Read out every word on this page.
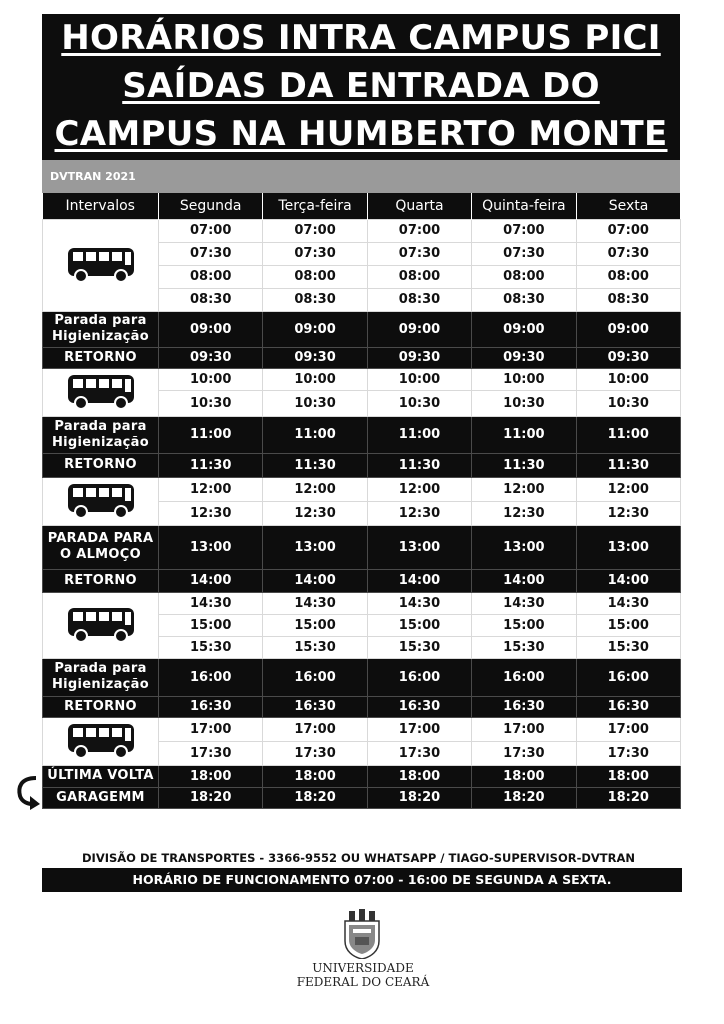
HORÁRIOS INTRA CAMPUS PICI
SAÍDAS DA ENTRADA DO
CAMPUS NA HUMBERTO MONTE
DVTRAN 2021
Intervalos	Segunda	Terça-feira	Quarta	Quinta-feira	Sexta

	07:00	07:00	07:00	07:00	07:00
	07:30	07:30	07:30	07:30	07:30
	08:00	08:00	08:00	08:00	08:00
	08:30	08:30	08:30	08:30	08:30
Parada para Higienização	09:00	09:00	09:00	09:00	09:00
RETORNO	09:30	09:30	09:30	09:30	09:30

	10:00	10:00	10:00	10:00	10:00
	10:30	10:30	10:30	10:30	10:30
Parada para Higienização	11:00	11:00	11:00	11:00	11:00
RETORNO	11:30	11:30	11:30	11:30	11:30

	12:00	12:00	12:00	12:00	12:00
	12:30	12:30	12:30	12:30	12:30
PARADA PARA O ALMOÇO	13:00	13:00	13:00	13:00	13:00
RETORNO	14:00	14:00	14:00	14:00	14:00

	14:30	14:30	14:30	14:30	14:30
	15:00	15:00	15:00	15:00	15:00
	15:30	15:30	15:30	15:30	15:30
Parada para Higienização	16:00	16:00	16:00	16:00	16:00
RETORNO	16:30	16:30	16:30	16:30	16:30

	17:00	17:00	17:00	17:00	17:00
	17:30	17:30	17:30	17:30	17:30
ÚLTIMA VOLTA	18:00	18:00	18:00	18:00	18:00
GARAGEMM	18:20	18:20	18:20	18:20	18:20
DIVISÃO DE TRANSPORTES - 3366-9552 OU WHATSAPP / TIAGO-SUPERVISOR-DVTRAN
HORÁRIO DE FUNCIONAMENTO 07:00 - 16:00 DE SEGUNDA A SEXTA.
UNIVERSIDADE
FEDERAL DO CEARÁ
